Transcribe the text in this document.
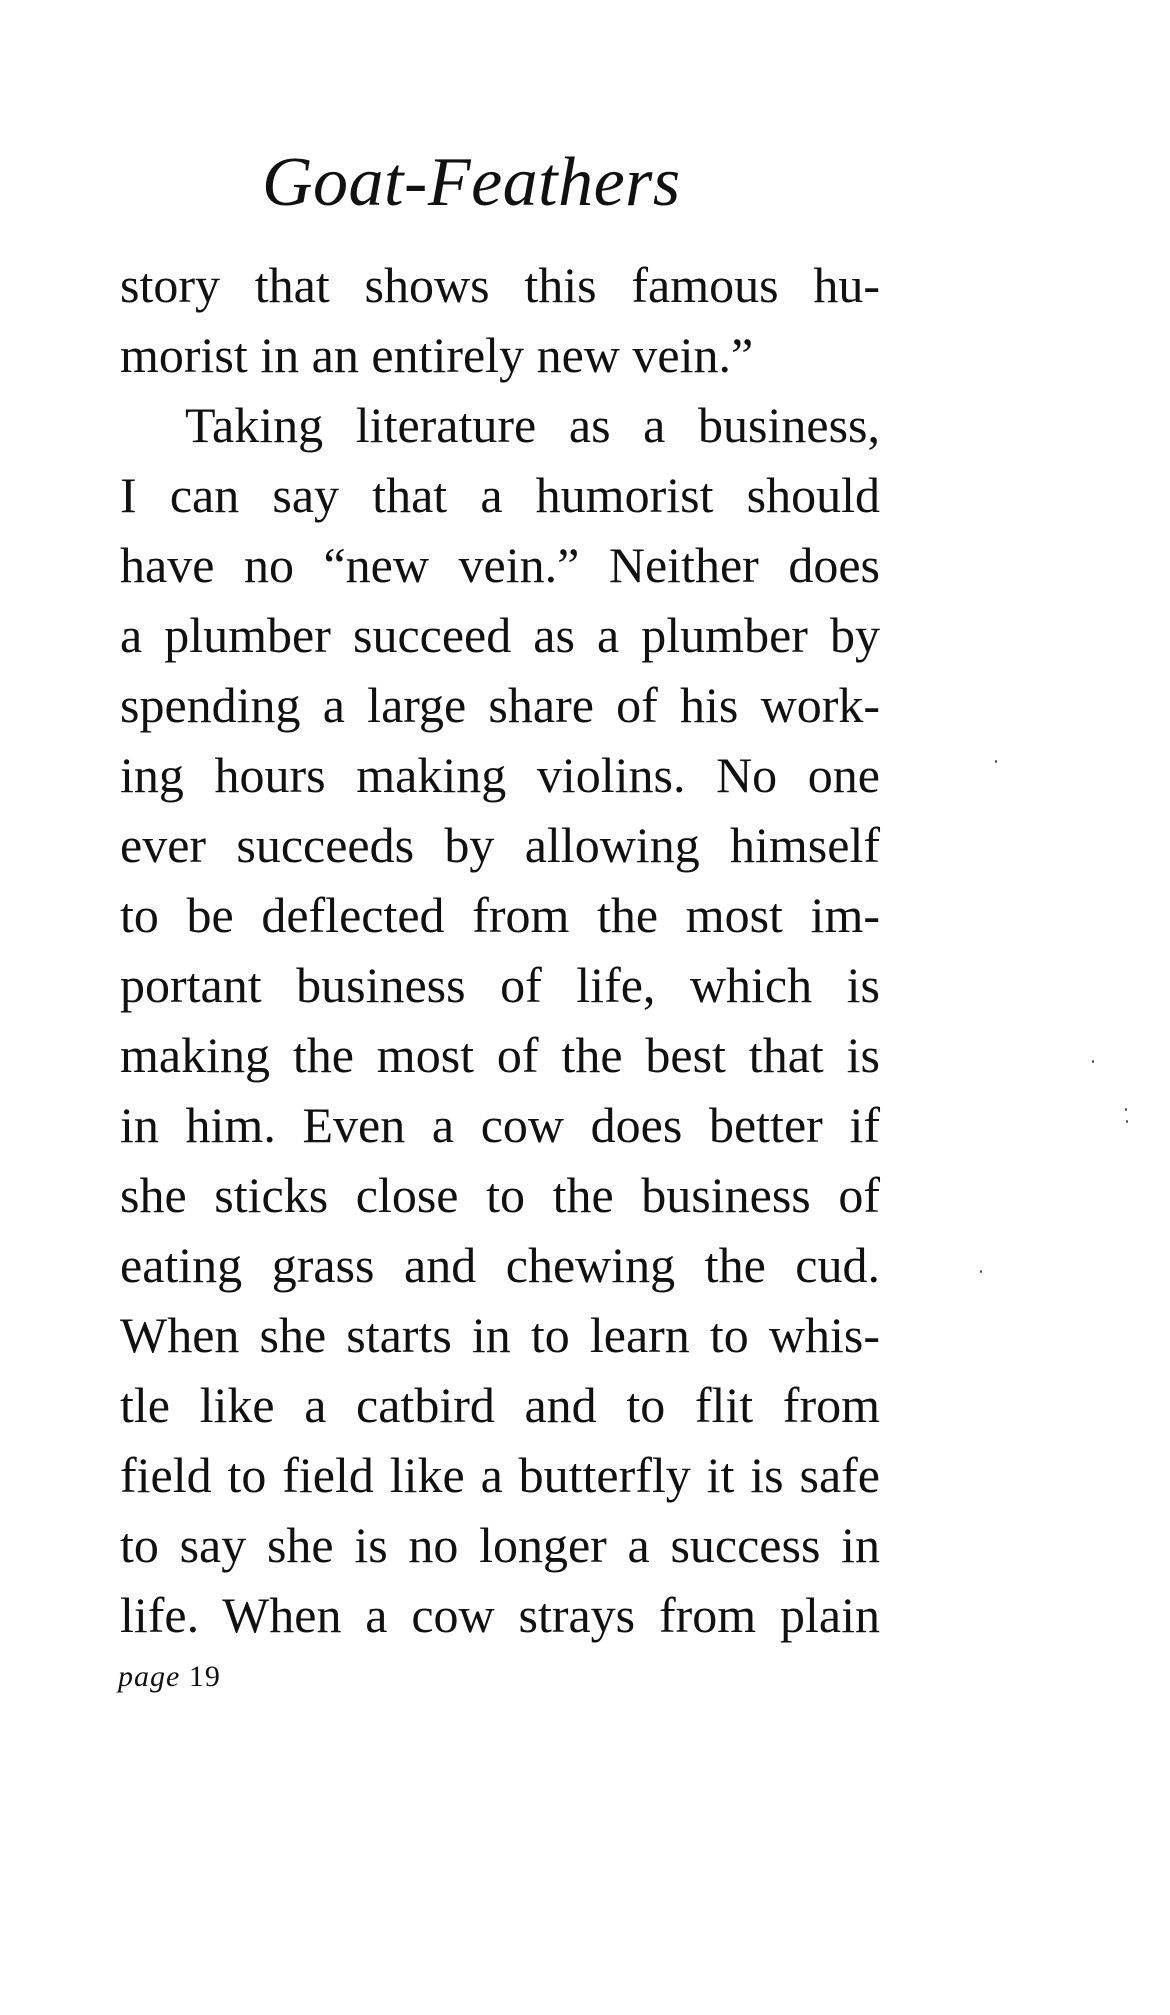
Goat-Feathers
story that shows this famous hu-
morist in an entirely new vein.”
Taking literature as a business,
I can say that a humorist should
have no “new vein.” Neither does
a plumber succeed as a plumber by
spending a large share of his work-
ing hours making violins. No one
ever succeeds by allowing himself
to be deflected from the most im-
portant business of life, which is
making the most of the best that is
in him. Even a cow does better if
she sticks close to the business of
eating grass and chewing the cud.
When she starts in to learn to whis-
tle like a catbird and to flit from
field to field like a butterfly it is safe
to say she is no longer a success in
life. When a cow strays from plain
page 19
